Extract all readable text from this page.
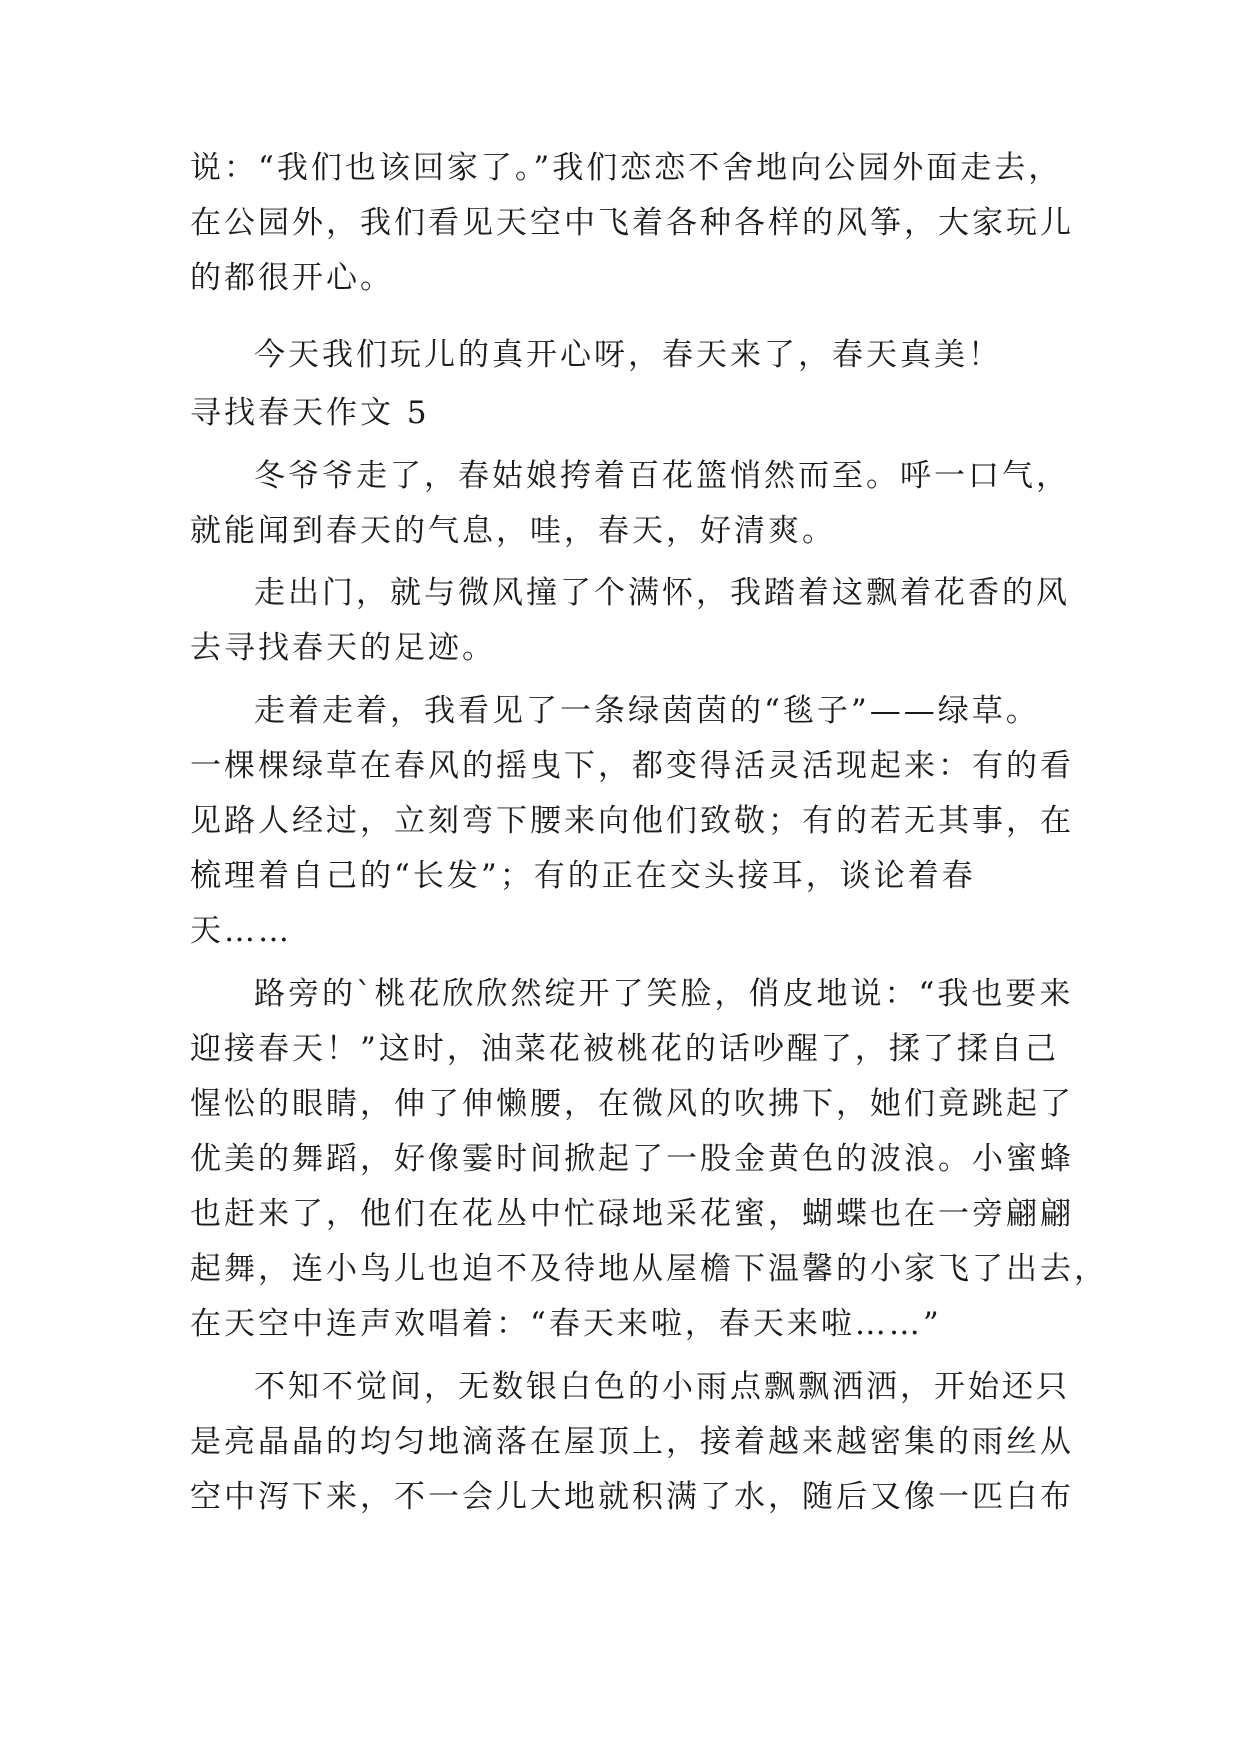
说：“我们也该回家了。”我们恋恋不舍地向公园外面走去，
在公园外，我们看见天空中飞着各种各样的风筝，大家玩儿
的都很开心。
今天我们玩儿的真开心呀，春天来了，春天真美！
寻找春天作文 5
冬爷爷走了，春姑娘挎着百花篮悄然而至。呼一口气，
就能闻到春天的气息，哇，春天，好清爽。
走出门，就与微风撞了个满怀，我踏着这飘着花香的风
去寻找春天的足迹。
走着走着，我看见了一条绿茵茵的“毯子”——绿草。
一棵棵绿草在春风的摇曳下，都变得活灵活现起来：有的看
见路人经过，立刻弯下腰来向他们致敬；有的若无其事，在
梳理着自己的“长发”；有的正在交头接耳，谈论着春
天……
路旁的`桃花欣欣然绽开了笑脸，俏皮地说：“我也要来
迎接春天！”这时，油菜花被桃花的话吵醒了，揉了揉自己
惺忪的眼睛，伸了伸懒腰，在微风的吹拂下，她们竟跳起了
优美的舞蹈，好像霎时间掀起了一股金黄色的波浪。小蜜蜂
也赶来了，他们在花丛中忙碌地采花蜜，蝴蝶也在一旁翩翩
起舞，连小鸟儿也迫不及待地从屋檐下温馨的小家飞了出去，
在天空中连声欢唱着：“春天来啦，春天来啦……”
不知不觉间，无数银白色的小雨点飘飘洒洒，开始还只
是亮晶晶的均匀地滴落在屋顶上，接着越来越密集的雨丝从
空中泻下来，不一会儿大地就积满了水，随后又像一匹白布
